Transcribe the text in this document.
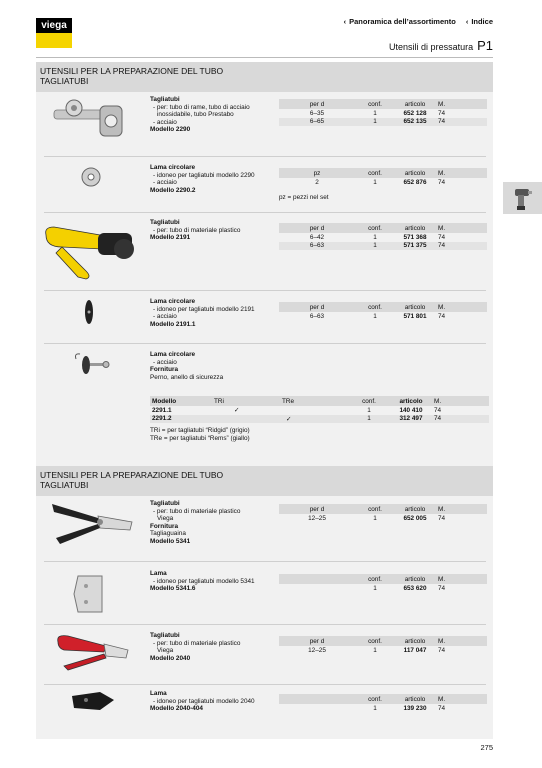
viega	‹ Panoramica dell’assortimento	‹ Indice
Utensili di pressatura P1
UTENSILI PER LA PREPARAZIONE DEL TUBO
TAGLIATUBI
Tagliatubi
- per: tubo di rame, tubo di acciaio
inossidabile, tubo Prestabo
- acciaio
Modello 2290
per d	conf.	articolo	M.
6–35	1	652 128	74
6–65	1	652 135	74
Lama circolare
- idoneo per tagliatubi modello 2290
- acciaio
Modello 2290.2
pz	conf.	articolo	M.
2	1	652 876	74
pz = pezzi nel set
Tagliatubi
- per: tubo di materiale plastico
Modello 2191
per d	conf.	articolo	M.
6–42	1	571 368	74
6–63	1	571 375	74
Lama circolare
- idoneo per tagliatubi modello 2191
- acciaio
Modello 2191.1
per d	conf.	articolo	M.
6–63	1	571 801	74
Lama circolare
- acciaio
Fornitura
Perno, anello di sicurezza
Modello	TRi	TRe	conf.	articolo	M.
2291.1	✓		1	140 410	74
2291.2		✓	1	312 497	74
TRi = per tagliatubi “Ridgid” (grigio)
TRe = per tagliatubi “Rems” (giallo)
UTENSILI PER LA PREPARAZIONE DEL TUBO
TAGLIATUBI
Tagliatubi
- per: tubo di materiale plastico
Viega
Fornitura
Tagliaguaina
Modello 5341
per d	conf.	articolo	M.
12–25	1	652 005	74
Lama
- idoneo per tagliatubi modello 5341
Modello 5341.6
	conf.	articolo	M.
	1	653 620	74
Tagliatubi
- per: tubo di materiale plastico
Viega
Modello 2040
per d	conf.	articolo	M.
12–25	1	117 047	74
Lama
- idoneo per tagliatubi modello 2040
Modello 2040-404
	conf.	articolo	M.
	1	139 230	74
275
